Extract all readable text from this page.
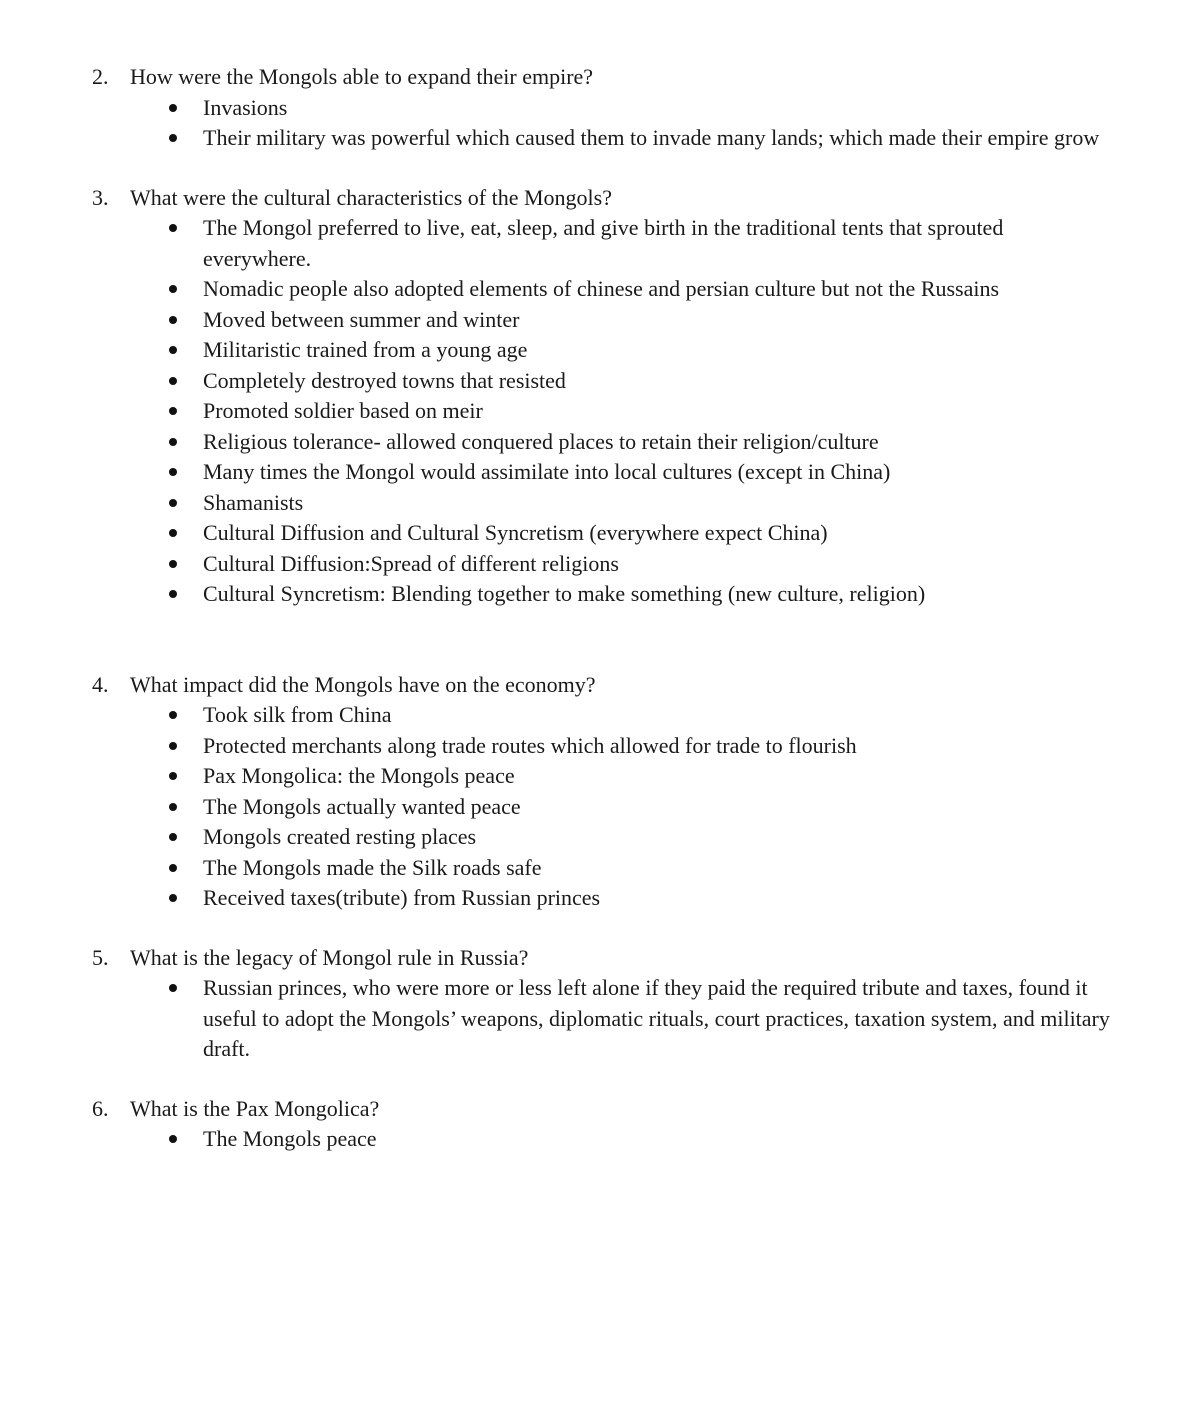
2. How were the Mongols able to expand their empire?
Invasions
Their military was powerful which caused them to invade many lands; which made their empire grow
3. What were the cultural characteristics of the Mongols?
The Mongol preferred to live, eat, sleep, and give birth in the traditional tents that sprouted everywhere.
Nomadic people also adopted elements of chinese and persian culture but not the Russains
Moved between summer and winter
Militaristic trained from a young age
Completely destroyed towns that resisted
Promoted soldier based on meir
Religious tolerance- allowed conquered places to retain their religion/culture
Many times the Mongol would assimilate into local cultures (except in China)
Shamanists
Cultural Diffusion and Cultural Syncretism (everywhere expect China)
Cultural Diffusion:Spread of different religions
Cultural Syncretism: Blending together to make something (new culture, religion)
4. What impact did the Mongols have on the economy?
Took silk from China
Protected merchants along trade routes which allowed for trade to flourish
Pax Mongolica: the Mongols peace
The Mongols actually wanted peace
Mongols created resting places
The Mongols made the Silk roads safe
Received taxes(tribute) from Russian princes
5. What is the legacy of Mongol rule in Russia?
Russian princes, who were more or less left alone if they paid the required tribute and taxes, found it useful to adopt the Mongols’ weapons, diplomatic rituals, court practices, taxation system, and military draft.
6. What is the Pax Mongolica?
The Mongols peace
